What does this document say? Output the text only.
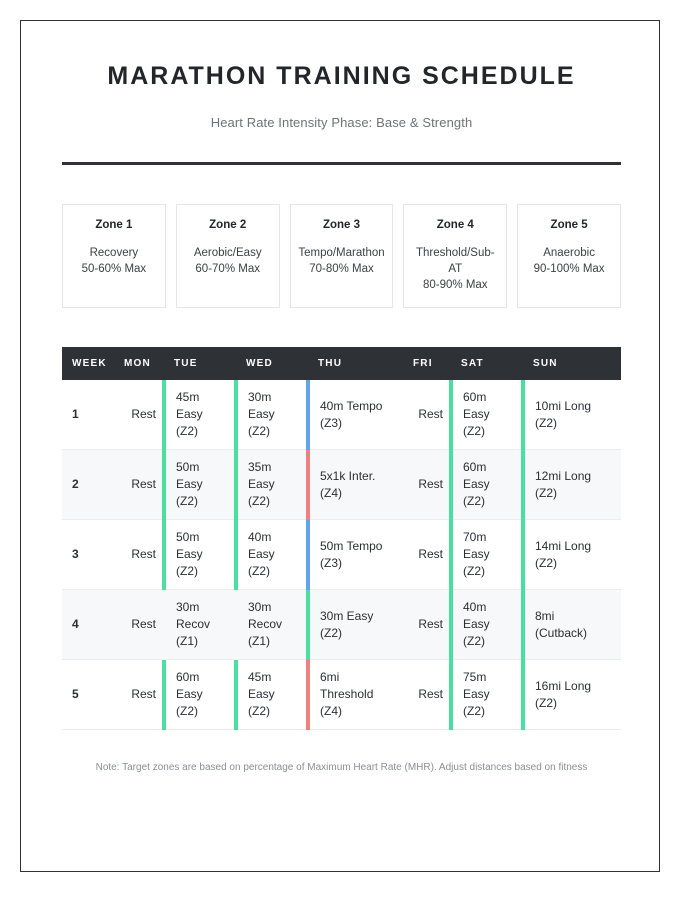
MARATHON TRAINING SCHEDULE
Heart Rate Intensity Phase: Base & Strength
Zone 1
Recovery
50-60% Max
Zone 2
Aerobic/Easy
60-70% Max
Zone 3
Tempo/Marathon
70-80% Max
Zone 4
Threshold/Sub-AT
80-90% Max
Zone 5
Anaerobic
90-100% Max
WEEK	MON	TUE	WED	THU	FRI	SAT	SUN
1	Rest	45m
Easy
(Z2)	30m
Easy
(Z2)	40m Tempo
(Z3)	Rest	60m
Easy
(Z2)	10mi Long
(Z2)

2	Rest	50m
Easy
(Z2)	35m
Easy
(Z2)	5x1k Inter.
(Z4)	Rest	60m
Easy
(Z2)	12mi Long
(Z2)

3	Rest	50m
Easy
(Z2)	40m
Easy
(Z2)	50m Tempo
(Z3)	Rest	70m
Easy
(Z2)	14mi Long
(Z2)

4	Rest	30m
Recov
(Z1)	30m
Recov
(Z1)	30m Easy
(Z2)	Rest	40m
Easy
(Z2)	8mi
(Cutback)

5	Rest	60m
Easy
(Z2)	45m
Easy
(Z2)	6mi
Threshold
(Z4)	Rest	75m
Easy
(Z2)	16mi Long
(Z2)
Note: Target zones are based on percentage of Maximum Heart Rate (MHR). Adjust distances based on fitness
